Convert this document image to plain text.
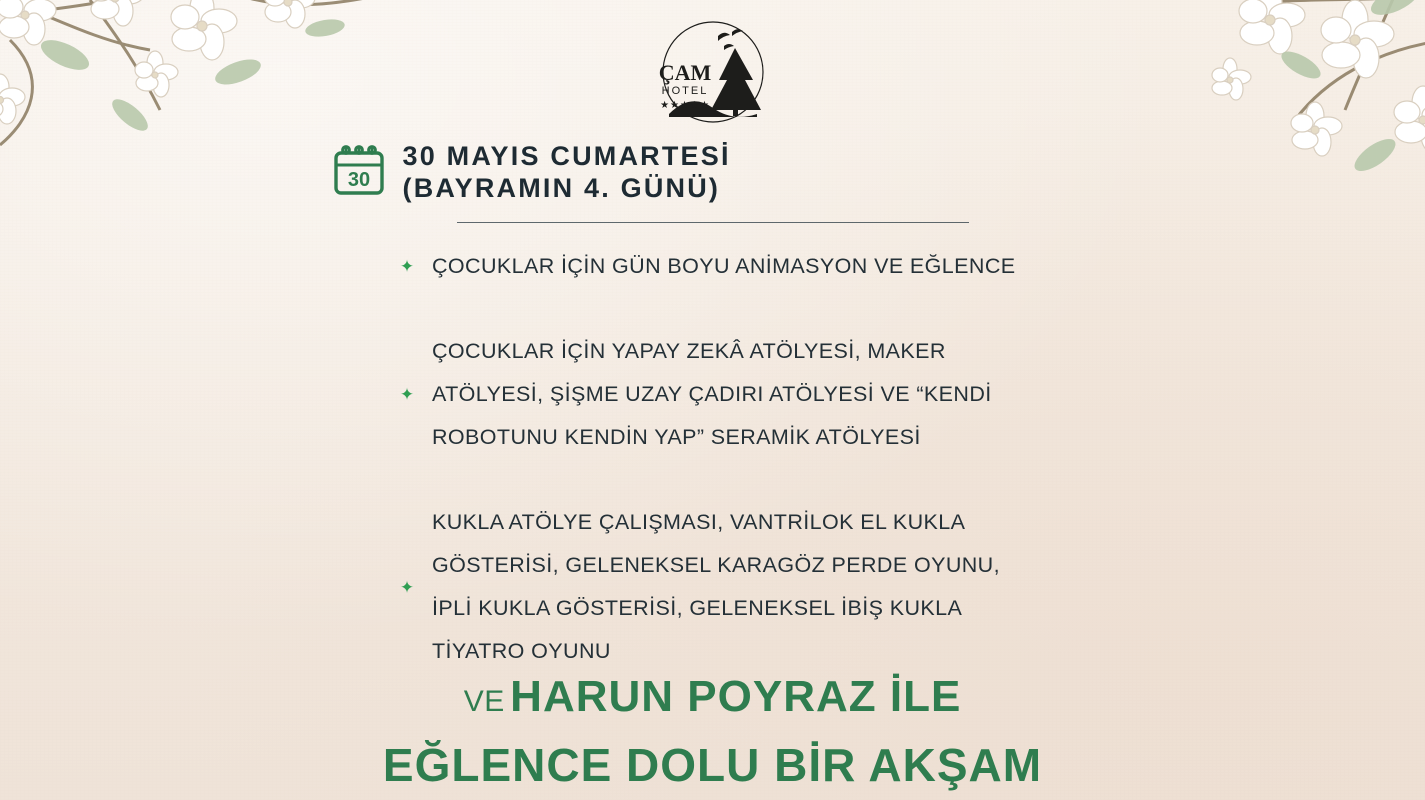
ÇAM
HOTEL
★★★★★
30
30 MAYIS CUMARTESİ
(BAYRAMIN 4. GÜNÜ)
✦ ÇOCUKLAR İÇİN GÜN BOYU ANİMASYON VE EĞLENCE
✦
ÇOCUKLAR İÇİN YAPAY ZEKÂ ATÖLYESİ, MAKER ATÖLYESİ, ŞİŞME UZAY ÇADIRI ATÖLYESİ VE “KENDİ ROBOTUNU KENDİN YAP” SERAMİK ATÖLYESİ
✦
KUKLA ATÖLYE ÇALIŞMASI, VANTRİLOK EL KUKLA GÖSTERİSİ, GELENEKSEL KARAGÖZ PERDE OYUNU, İPLİ KUKLA GÖSTERİSİ, GELENEKSEL İBİŞ KUKLA TİYATRO OYUNU
VE HARUN POYRAZ İLE
EĞLENCE DOLU BİR AKŞAM
